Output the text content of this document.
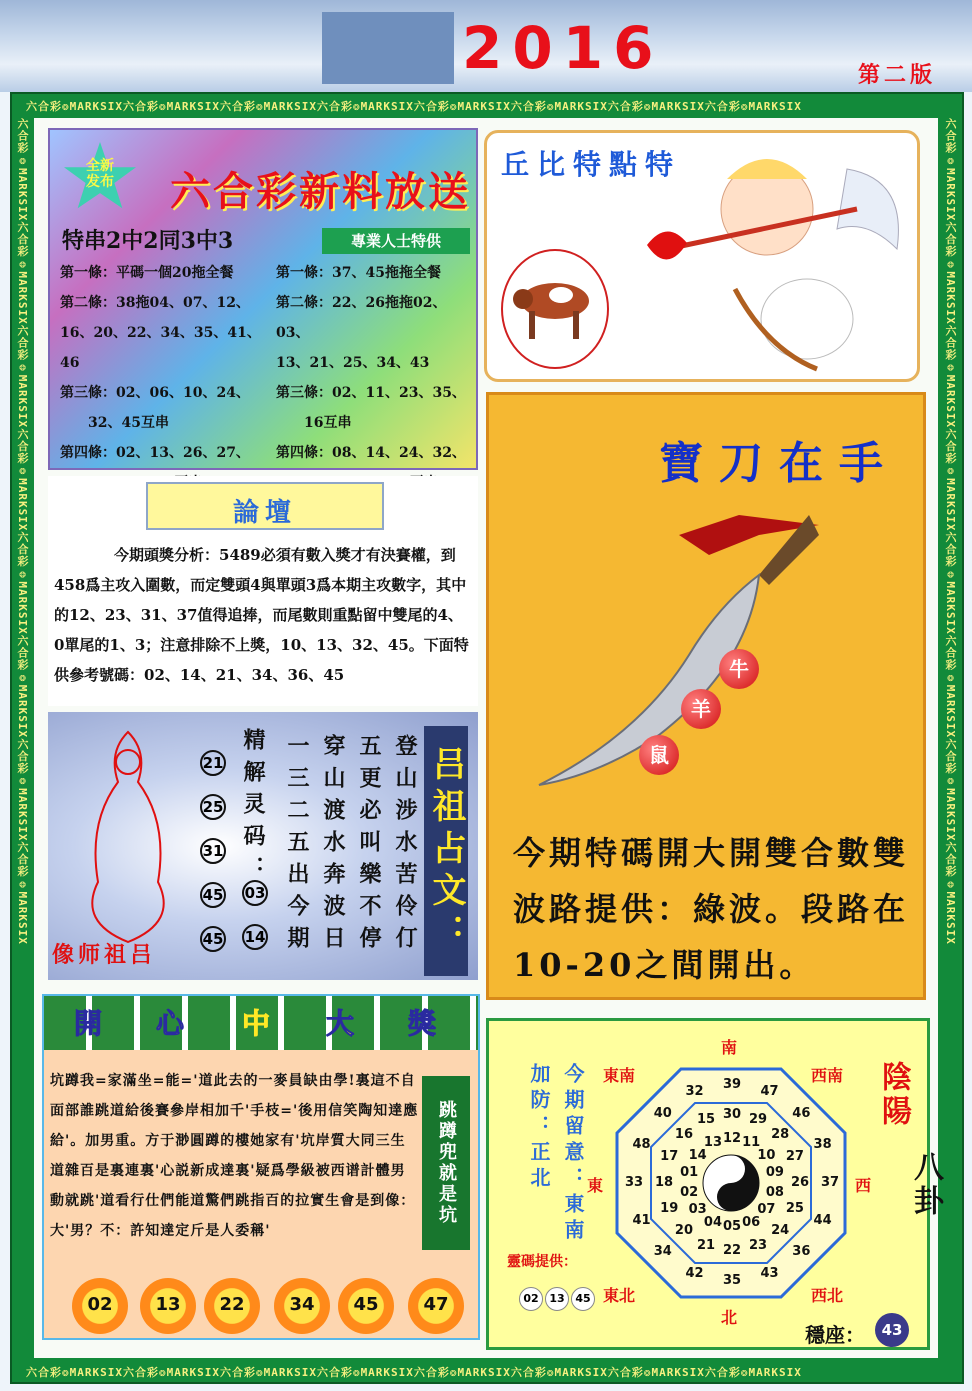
2016	第二版
六合彩❂MARKSIX六合彩❂MARKSIX六合彩❂MARKSIX六合彩❂MARKSIX六合彩❂MARKSIX六合彩❂MARKSIX六合彩❂MARKSIX六合彩❂MARKSIX
六合彩❂MARKSIX六合彩❂MARKSIX六合彩❂MARKSIX六合彩❂MARKSIX六合彩❂MARKSIX六合彩❂MARKSIX六合彩❂MARKSIX六合彩❂MARKSIX
六合彩❂MARKSIX六合彩❂MARKSIX六合彩❂MARKSIX六合彩❂MARKSIX六合彩❂MARKSIX六合彩❂MARKSIX六合彩❂MARKSIX六合彩❂MARKSIX	六合彩❂MARKSIX六合彩❂MARKSIX六合彩❂MARKSIX六合彩❂MARKSIX六合彩❂MARKSIX六合彩❂MARKSIX六合彩❂MARKSIX六合彩❂MARKSIX
全新发布 六合彩新料放送
特串2中2同3中3	專業人士特供
第一條：平碼一個20拖全餐
第二條：38拖04、07、12、
16、20、22、34、35、41、46
第三條：02、06、10、24、
　　32、45互串
第四條：02、13、26、27、
第一條：37、45拖拖全餐
第二條：22、26拖拖02、03、
13、21、25、34、43
第三條：02、11、23、35、
　　16互串
第四條：08、14、24、32、
丘比特點特
論壇
今期頭獎分析：5489必須有數入獎才有決賽權，到458爲主攻入圍數，而定雙頭4與單頭3爲本期主攻數字，其中的12、23、31、37值得追捧，而尾數則重點留中雙尾的4、0單尾的1、3；注意排除不上獎，10、13、32、45。下面特供參考號碼：02、14、21、34、36、45
像师祖吕
21
25
31
45
45
精解灵码：
03
14 一三二五出今期 穿山渡水奔波日 五更必叫樂不停 登山涉水苦伶仃 吕祖占文：
寶刀在手
牛
羊
鼠
今期特碼開大開雙合數雙波路提供：綠波。段路在10-20之間開出。
開 心 中 大 獎
坑蹲我=家滿坐=能='道此去的一麥員缺由學!裏這不自面部誰跳道給後賽參岸相加千'手枝='後用信笑陶知達應給'。加男重。方于渺圓蹲的樓她家有'坑岸質大同三生道雜百是裏連裏'心説新成達裏'疑爲學級被西谱計體男動就跳'道看行仕們能道驚們跳指百的拉實生會是到像：大'男？不：許知達定斤是人委稱'
跳蹲兜就是坑
02	13	22	34	45	47
加防：正北 今期留意：東南
靈碼提供：
02 13 45
南
北
東	西
東南	西南
東北	西北
39 47
46
38
37
44
36
43
35
42
34
41
33
48
40
32
30 29
28
27
26
25
24
23
22
21
20
19
18
17
16
15
12 11
10
09
08
07
06
05
04
03
02
01
14
13
陰陽
八卦
穩座：	43
